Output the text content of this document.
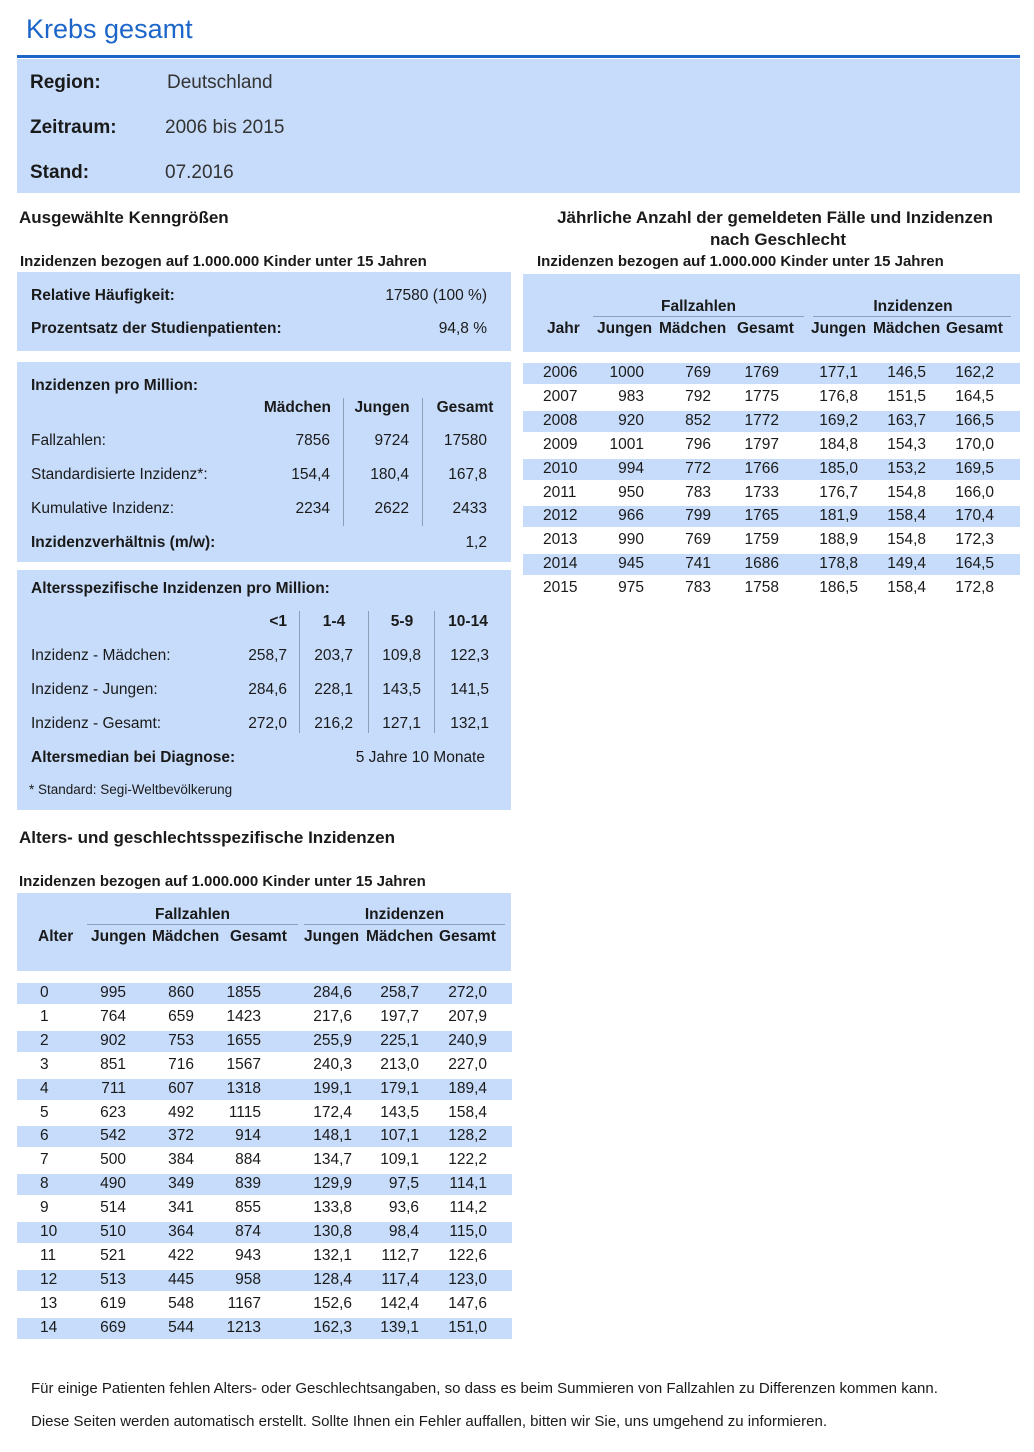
Krebs gesamt
Region:	Deutschland
Zeitraum:	2006 bis 2015
Stand:	07.2016
Ausgewählte Kenngrößen
Inzidenzen bezogen auf 1.000.000 Kinder unter 15 Jahren
Relative Häufigkeit:	17580 (100 %)
Prozentsatz der Studienpatienten:	94,8 %
Inzidenzen pro Million:
Mädchen	Jungen	Gesamt
Fallzahlen:	7856	9724	17580
Standardisierte Inzidenz*:	154,4	180,4	167,8
Kumulative Inzidenz:	2234	2622	2433
Inzidenzverhältnis (m/w):	1,2
Altersspezifische Inzidenzen pro Million:
<1	1-4	5-9	10-14
Inzidenz - Mädchen:	258,7	203,7	109,8	122,3
Inzidenz - Jungen:	284,6	228,1	143,5	141,5
Inzidenz - Gesamt:	272,0	216,2	127,1	132,1
Altersmedian bei Diagnose:	5 Jahre 10 Monate
* Standard: Segi-Weltbevölkerung
Jährliche Anzahl der gemeldeten Fälle und Inzidenzen
nach Geschlecht
Inzidenzen bezogen auf 1.000.000 Kinder unter 15 Jahren
Fallzahlen	Inzidenzen
Jahr Jungen Mädchen Gesamt Jungen Mädchen Gesamt
2006 1000	769 1769	177,1 146,5 162,2
2007	983	792 1775	176,8 151,5 164,5
2008	920	852 1772	169,2 163,7 166,5
2009 1001	796 1797	184,8 154,3 170,0
2010	994	772 1766	185,0 153,2 169,5
2011	950	783 1733	176,7 154,8 166,0
2012	966	799 1765	181,9 158,4 170,4
2013	990	769 1759	188,9 154,8 172,3
2014	945	741 1686	178,8 149,4 164,5
2015	975	783 1758	186,5 158,4 172,8
Alters- und geschlechtsspezifische Inzidenzen
Inzidenzen bezogen auf 1.000.000 Kinder unter 15 Jahren
Fallzahlen	Inzidenzen
Alter Jungen Mädchen Gesamt Jungen Mädchen Gesamt
0	995	860 1855	284,6 258,7 272,0
1	764	659 1423	217,6 197,7 207,9
2	902	753 1655	255,9 225,1 240,9
3	851	716 1567	240,3 213,0 227,0
4	711	607 1318	199,1 179,1 189,4
5	623	492 1115	172,4 143,5 158,4
6	542	372	914	148,1 107,1 128,2
7	500	384	884	134,7 109,1 122,2
8	490	349	839	129,9 97,5 114,1
9	514	341	855	133,8 93,6 114,2
10	510	364	874	130,8 98,4 115,0
11	521	422	943	132,1 112,7 122,6
12	513	445	958	128,4 117,4 123,0
13	619	548 1167	152,6 142,4 147,6
14	669	544 1213	162,3 139,1 151,0
Für einige Patienten fehlen Alters- oder Geschlechtsangaben, so dass es beim Summieren von Fallzahlen zu Differenzen kommen kann.
Diese Seiten werden automatisch erstellt. Sollte Ihnen ein Fehler auffallen, bitten wir Sie, uns umgehend zu informieren.
